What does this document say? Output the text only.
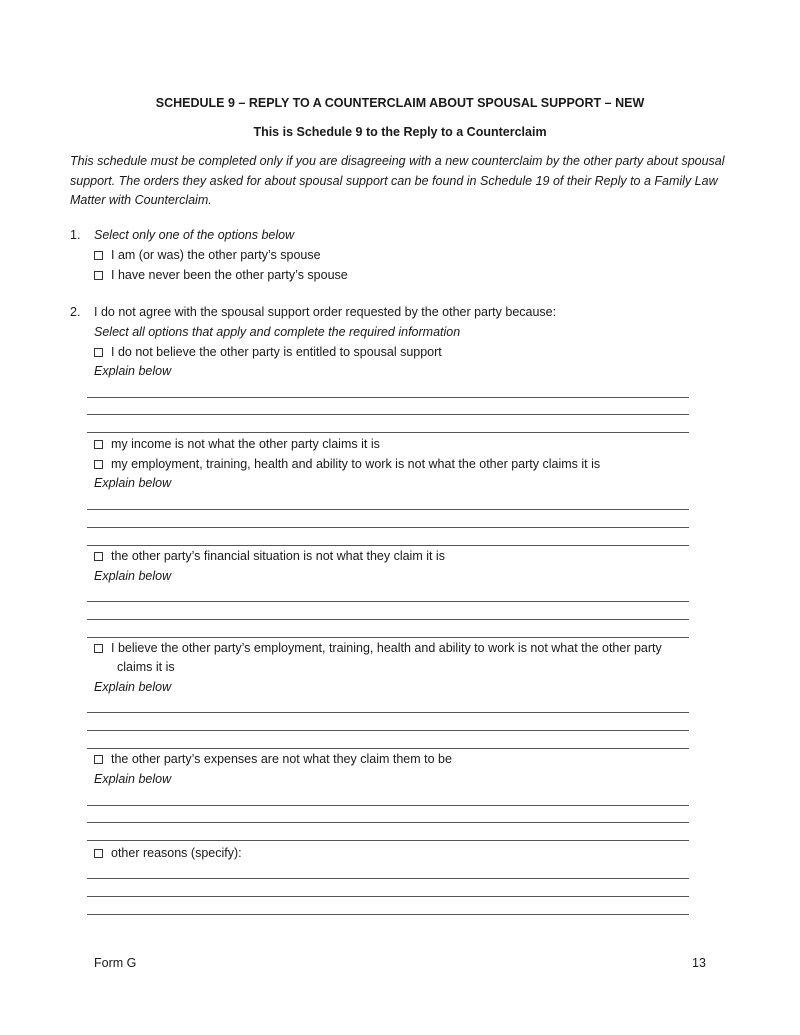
SCHEDULE 9 – REPLY TO A COUNTERCLAIM ABOUT SPOUSAL SUPPORT – NEW
This is Schedule 9 to the Reply to a Counterclaim
This schedule must be completed only if you are disagreeing with a new counterclaim by the other party about spousal support. The orders they asked for about spousal support can be found in Schedule 19 of their Reply to a Family Law Matter with Counterclaim.
1. Select only one of the options below
I am (or was) the other party’s spouse
I have never been the other party’s spouse
2. I do not agree with the spousal support order requested by the other party because:
Select all options that apply and complete the required information
I do not believe the other party is entitled to spousal support
Explain below
my income is not what the other party claims it is
my employment, training, health and ability to work is not what the other party claims it is
Explain below
the other party’s financial situation is not what they claim it is
Explain below
I believe the other party’s employment, training, health and ability to work is not what the other party
claims it is
Explain below
the other party’s expenses are not what they claim them to be
Explain below
other reasons (specify):
Form G	13
